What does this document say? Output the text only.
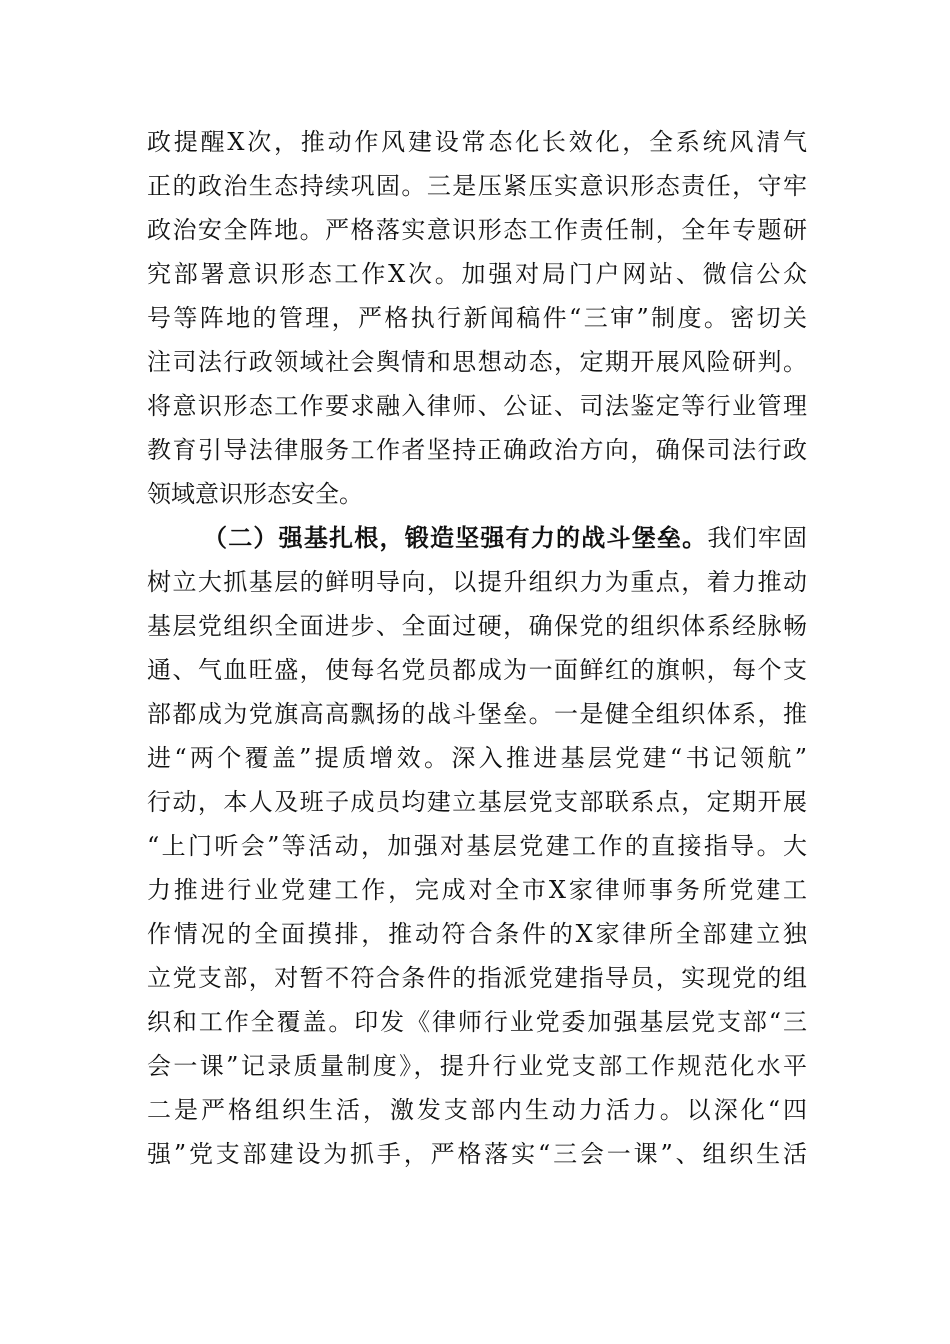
政提醒X次，推动作风建设常态化长效化，全系统风清气
正的政治生态持续巩固。三是压紧压实意识形态责任，守牢
政治安全阵地。严格落实意识形态工作责任制，全年专题研
究部署意识形态工作X次。加强对局门户网站、微信公众
号等阵地的管理，严格执行新闻稿件“三审”制度。密切关
注司法行政领域社会舆情和思想动态，定期开展风险研判。
将意识形态工作要求融入律师、公证、司法鉴定等行业管理
教育引导法律服务工作者坚持正确政治方向，确保司法行政
领域意识形态安全。
（二）强基扎根，锻造坚强有力的战斗堡垒。我们牢固
树立大抓基层的鲜明导向，以提升组织力为重点，着力推动
基层党组织全面进步、全面过硬，确保党的组织体系经脉畅
通、气血旺盛，使每名党员都成为一面鲜红的旗帜，每个支
部都成为党旗高高飘扬的战斗堡垒。一是健全组织体系，推
进“两个覆盖”提质增效。深入推进基层党建“书记领航”
行动，本人及班子成员均建立基层党支部联系点，定期开展
“上门听会”等活动，加强对基层党建工作的直接指导。大
力推进行业党建工作，完成对全市X家律师事务所党建工
作情况的全面摸排，推动符合条件的X家律所全部建立独
立党支部，对暂不符合条件的指派党建指导员，实现党的组
织和工作全覆盖。印发《律师行业党委加强基层党支部“三
会一课”记录质量制度》，提升行业党支部工作规范化水平
二是严格组织生活，激发支部内生动力活力。以深化“四
强”党支部建设为抓手，严格落实“三会一课”、组织生活
